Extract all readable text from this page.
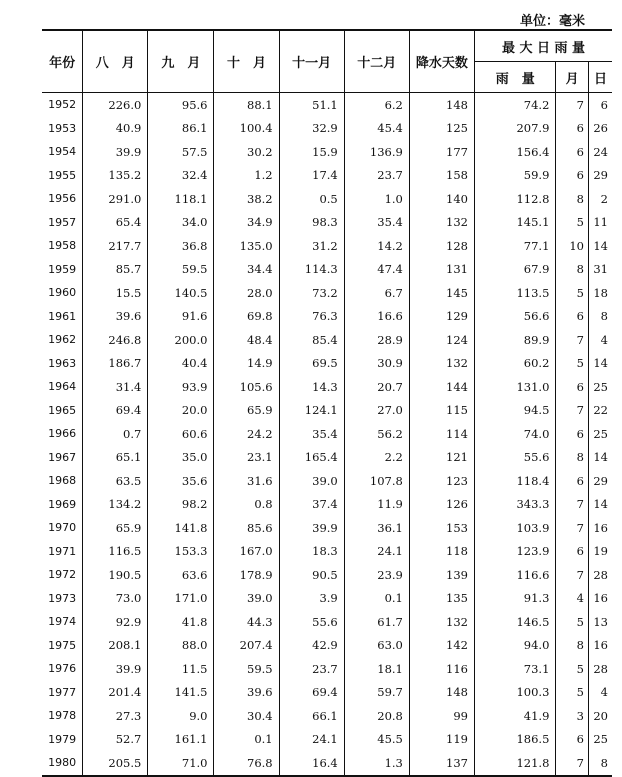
单位：毫米
年份	八　月	九　月	十　月	十一月	十二月	降水天数	最 大 日 雨 量		
							雨　量	月	日
1952	226.0	95.6	88.1	51.1	6.2	148	74.2	7	6
1953	40.9	86.1	100.4	32.9	45.4	125	207.9	6	26
1954	39.9	57.5	30.2	15.9	136.9	177	156.4	6	24
1955	135.2	32.4	1.2	17.4	23.7	158	59.9	6	29
1956	291.0	118.1	38.2	0.5	1.0	140	112.8	8	2
1957	65.4	34.0	34.9	98.3	35.4	132	145.1	5	11
1958	217.7	36.8	135.0	31.2	14.2	128	77.1	10	14
1959	85.7	59.5	34.4	114.3	47.4	131	67.9	8	31
1960	15.5	140.5	28.0	73.2	6.7	145	113.5	5	18
1961	39.6	91.6	69.8	76.3	16.6	129	56.6	6	8
1962	246.8	200.0	48.4	85.4	28.9	124	89.9	7	4
1963	186.7	40.4	14.9	69.5	30.9	132	60.2	5	14
1964	31.4	93.9	105.6	14.3	20.7	144	131.0	6	25
1965	69.4	20.0	65.9	124.1	27.0	115	94.5	7	22
1966	0.7	60.6	24.2	35.4	56.2	114	74.0	6	25
1967	65.1	35.0	23.1	165.4	2.2	121	55.6	8	14
1968	63.5	35.6	31.6	39.0	107.8	123	118.4	6	29
1969	134.2	98.2	0.8	37.4	11.9	126	343.3	7	14
1970	65.9	141.8	85.6	39.9	36.1	153	103.9	7	16
1971	116.5	153.3	167.0	18.3	24.1	118	123.9	6	19
1972	190.5	63.6	178.9	90.5	23.9	139	116.6	7	28
1973	73.0	171.0	39.0	3.9	0.1	135	91.3	4	16
1974	92.9	41.8	44.3	55.6	61.7	132	146.5	5	13
1975	208.1	88.0	207.4	42.9	63.0	142	94.0	8	16
1976	39.9	11.5	59.5	23.7	18.1	116	73.1	5	28
1977	201.4	141.5	39.6	69.4	59.7	148	100.3	5	4
1978	27.3	9.0	30.4	66.1	20.8	99	41.9	3	20
1979	52.7	161.1	0.1	24.1	45.5	119	186.5	6	25
1980	205.5	71.0	76.8	16.4	1.3	137	121.8	7	8
